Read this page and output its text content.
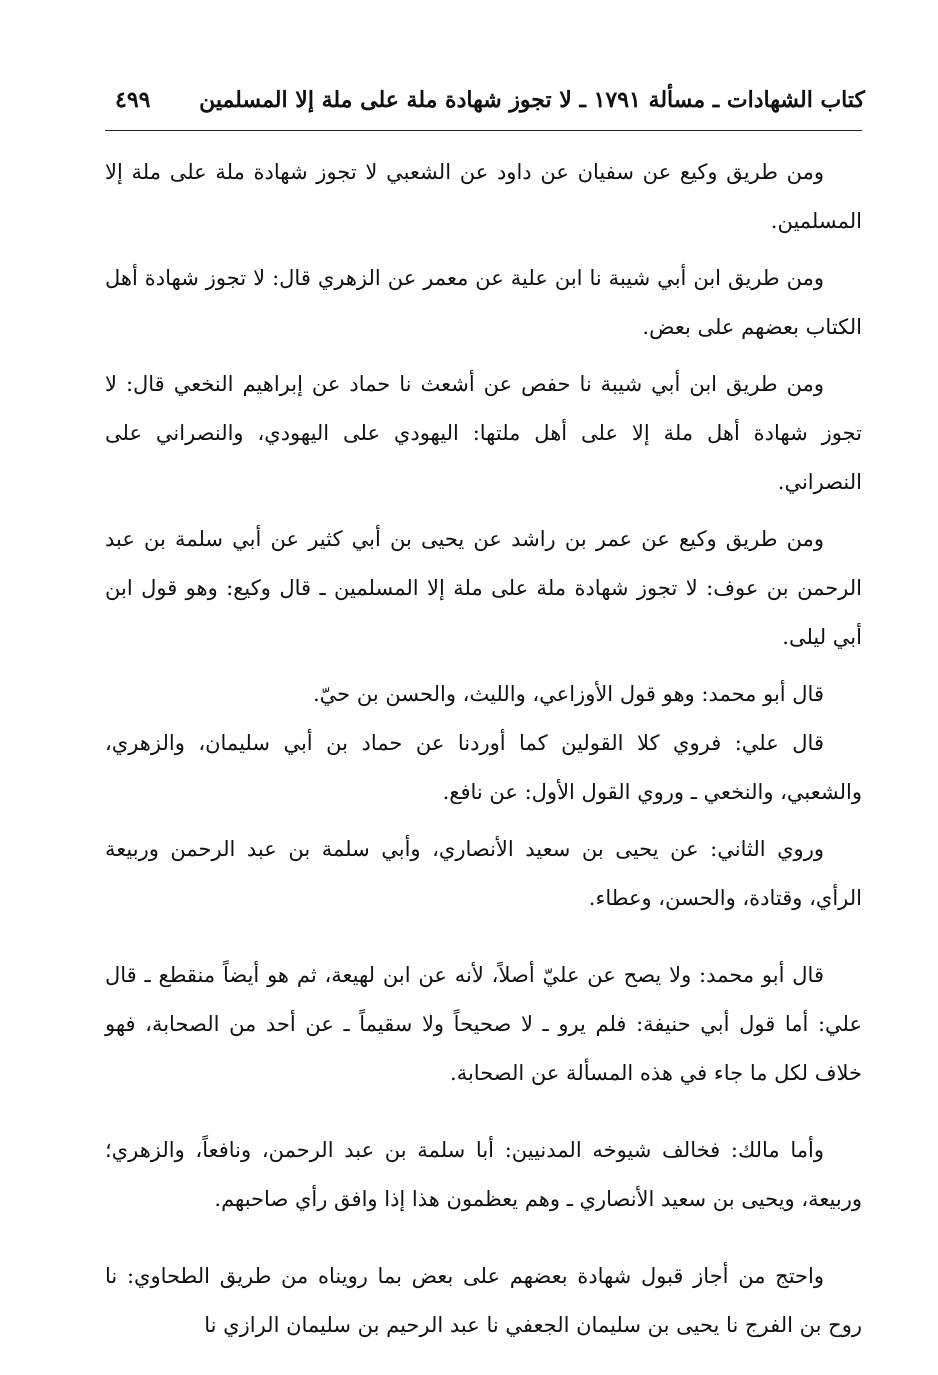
كتاب الشهادات ـ مسألة ١٧٩١ ـ لا تجوز شهادة ملة على ملة إلا المسلمين
٤٩٩

ومن طريق وكيع عن سفيان عن داود عن الشعبي لا تجوز شهادة ملة على ملة إلا المسلمين.

ومن طريق ابن أبي شيبة نا ابن علية عن معمر عن الزهري قال: لا تجوز شهادة أهل الكتاب بعضهم على بعض.

ومن طريق ابن أبي شيبة نا حفص عن أشعث نا حماد عن إبراهيم النخعي قال: لا تجوز شهادة أهل ملة إلا على أهل ملتها: اليهودي على اليهودي، والنصراني على النصراني.

ومن طريق وكيع عن عمر بن راشد عن يحيى بن أبي كثير عن أبي سلمة بن عبد الرحمن بن عوف: لا تجوز شهادة ملة على ملة إلا المسلمين ـ قال وكيع: وهو قول ابن أبي ليلى.

قال أبو محمد: وهو قول الأوزاعي، والليث، والحسن بن حيّ.

قال علي: فروي كلا القولين كما أوردنا عن حماد بن أبي سليمان، والزهري، والشعبي، والنخعي ـ وروي القول الأول: عن نافع.

وروي الثاني: عن يحيى بن سعيد الأنصاري، وأبي سلمة بن عبد الرحمن وربيعة الرأي، وقتادة، والحسن، وعطاء.

قال أبو محمد: ولا يصح عن عليّ أصلاً، لأنه عن ابن لهيعة، ثم هو أيضاً منقطع ـ قال علي: أما قول أبي حنيفة: فلم يرو ـ لا صحيحاً ولا سقيماً ـ عن أحد من الصحابة، فهو خلاف لكل ما جاء في هذه المسألة عن الصحابة.

وأما مالك: فخالف شيوخه المدنيين: أبا سلمة بن عبد الرحمن، ونافعاً، والزهري؛ وربيعة، ويحيى بن سعيد الأنصاري ـ وهم يعظمون هذا إذا وافق رأي صاحبهم.

واحتج من أجاز قبول شهادة بعضهم على بعض بما رويناه من طريق الطحاوي: نا روح بن الفرج نا يحيى بن سليمان الجعفي نا عبد الرحيم بن سليمان الرازي نا
